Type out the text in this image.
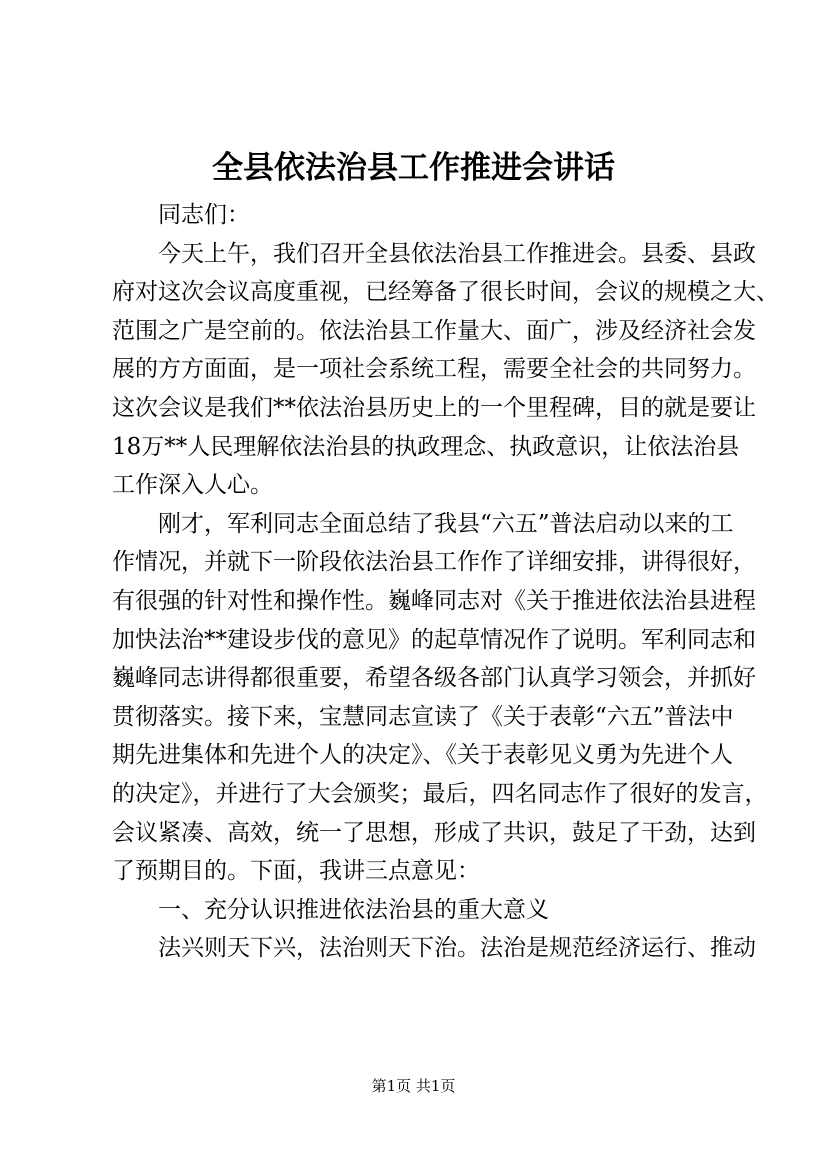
全县依法治县工作推进会讲话
同志们：
今天上午，我们召开全县依法治县工作推进会。县委、县政
府对这次会议高度重视，已经筹备了很长时间，会议的规模之大、
范围之广是空前的。依法治县工作量大、面广，涉及经济社会发
展的方方面面，是一项社会系统工程，需要全社会的共同努力。
这次会议是我们**依法治县历史上的一个里程碑，目的就是要让
18万**人民理解依法治县的执政理念、执政意识，让依法治县
工作深入人心。
刚才，军利同志全面总结了我县“六五”普法启动以来的工
作情况，并就下一阶段依法治县工作作了详细安排，讲得很好，
有很强的针对性和操作性。巍峰同志对《关于推进依法治县进程
加快法治**建设步伐的意见》的起草情况作了说明。军利同志和
巍峰同志讲得都很重要，希望各级各部门认真学习领会，并抓好
贯彻落实。接下来，宝慧同志宣读了《关于表彰“六五”普法中
期先进集体和先进个人的决定》、《关于表彰见义勇为先进个人
的决定》，并进行了大会颁奖；最后，四名同志作了很好的发言，
会议紧凑、高效，统一了思想，形成了共识，鼓足了干劲，达到
了预期目的。下面，我讲三点意见：
一、充分认识推进依法治县的重大意义
法兴则天下兴，法治则天下治。法治是规范经济运行、推动
第1页 共1页
